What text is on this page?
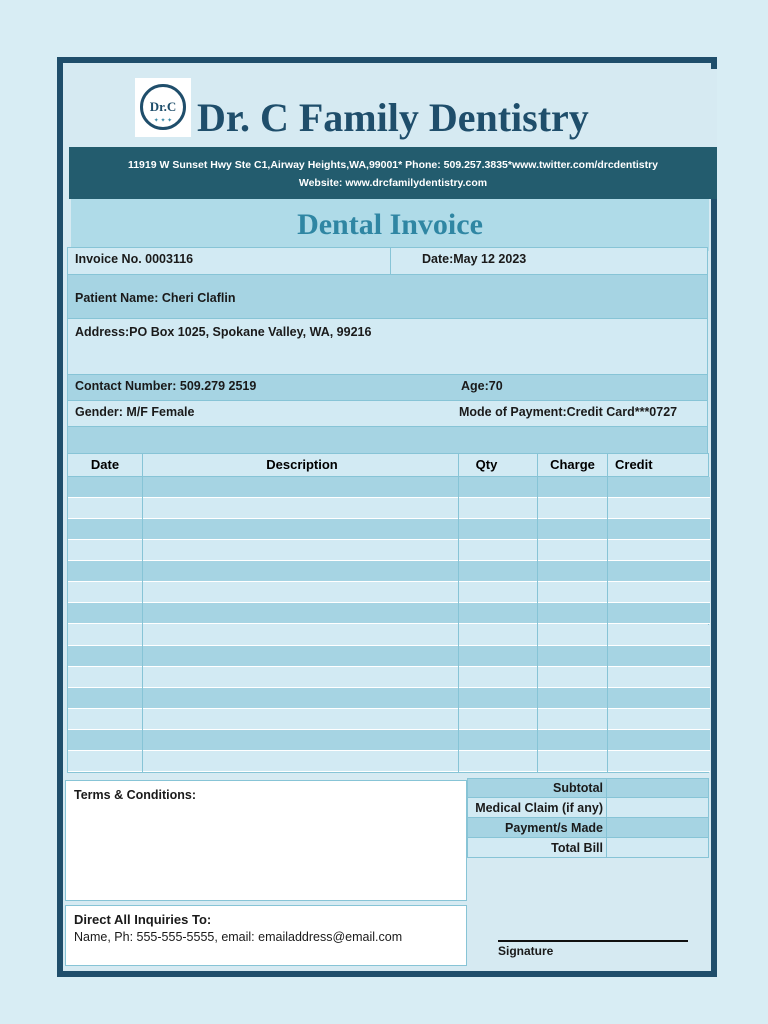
Dr.C
✦ ✦ ✦ Dr. C Family Dentistry
11919 W Sunset Hwy Ste C1,Airway Heights,WA,99001* Phone: 509.257.3835*www.twitter.com/drcdentistry
Website: www.drcfamilydentistry.com
Dental Invoice
Invoice No. 0003116	Date:May 12 2023
Patient Name: Cheri Claflin
Address:PO Box 1025, Spokane Valley, WA, 99216
Contact Number: 509.279 2519	Age:70
Gender: M/F Female	Mode of Payment:Credit Card***0727
Date	Description	Qty	Charge	Credit
Subtotal
Medical Claim (if any)
Payment/s Made
Total Bill
Terms & Conditions:
Direct All Inquiries To:
Name, Ph: 555-555-5555, email: emailaddress@email.com
Signature
